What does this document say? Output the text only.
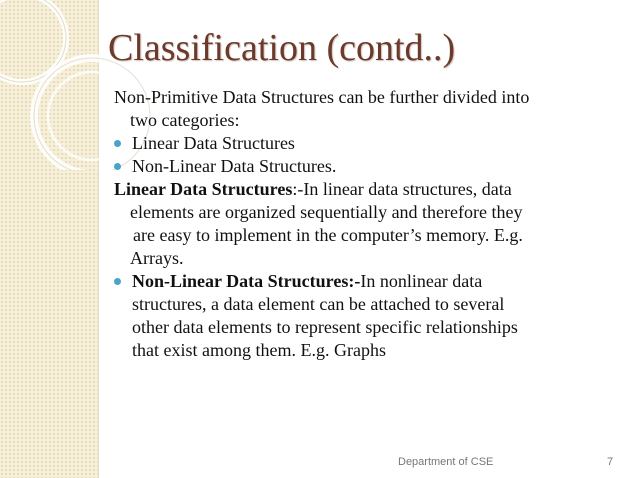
Classification (contd..)

Non-Primitive Data Structures can be further divided into
two categories:

Linear Data Structures

Non-Linear Data Structures.

Linear Data Structures:-In linear data structures, data
elements are organized sequentially and therefore they
are easy to implement in the computer’s memory. E.g.
Arrays.

Non-Linear Data Structures:-In nonlinear data
structures, a data element can be attached to several
other data elements to represent specific relationships
that exist among them. E.g. Graphs

Department of CSE	7
